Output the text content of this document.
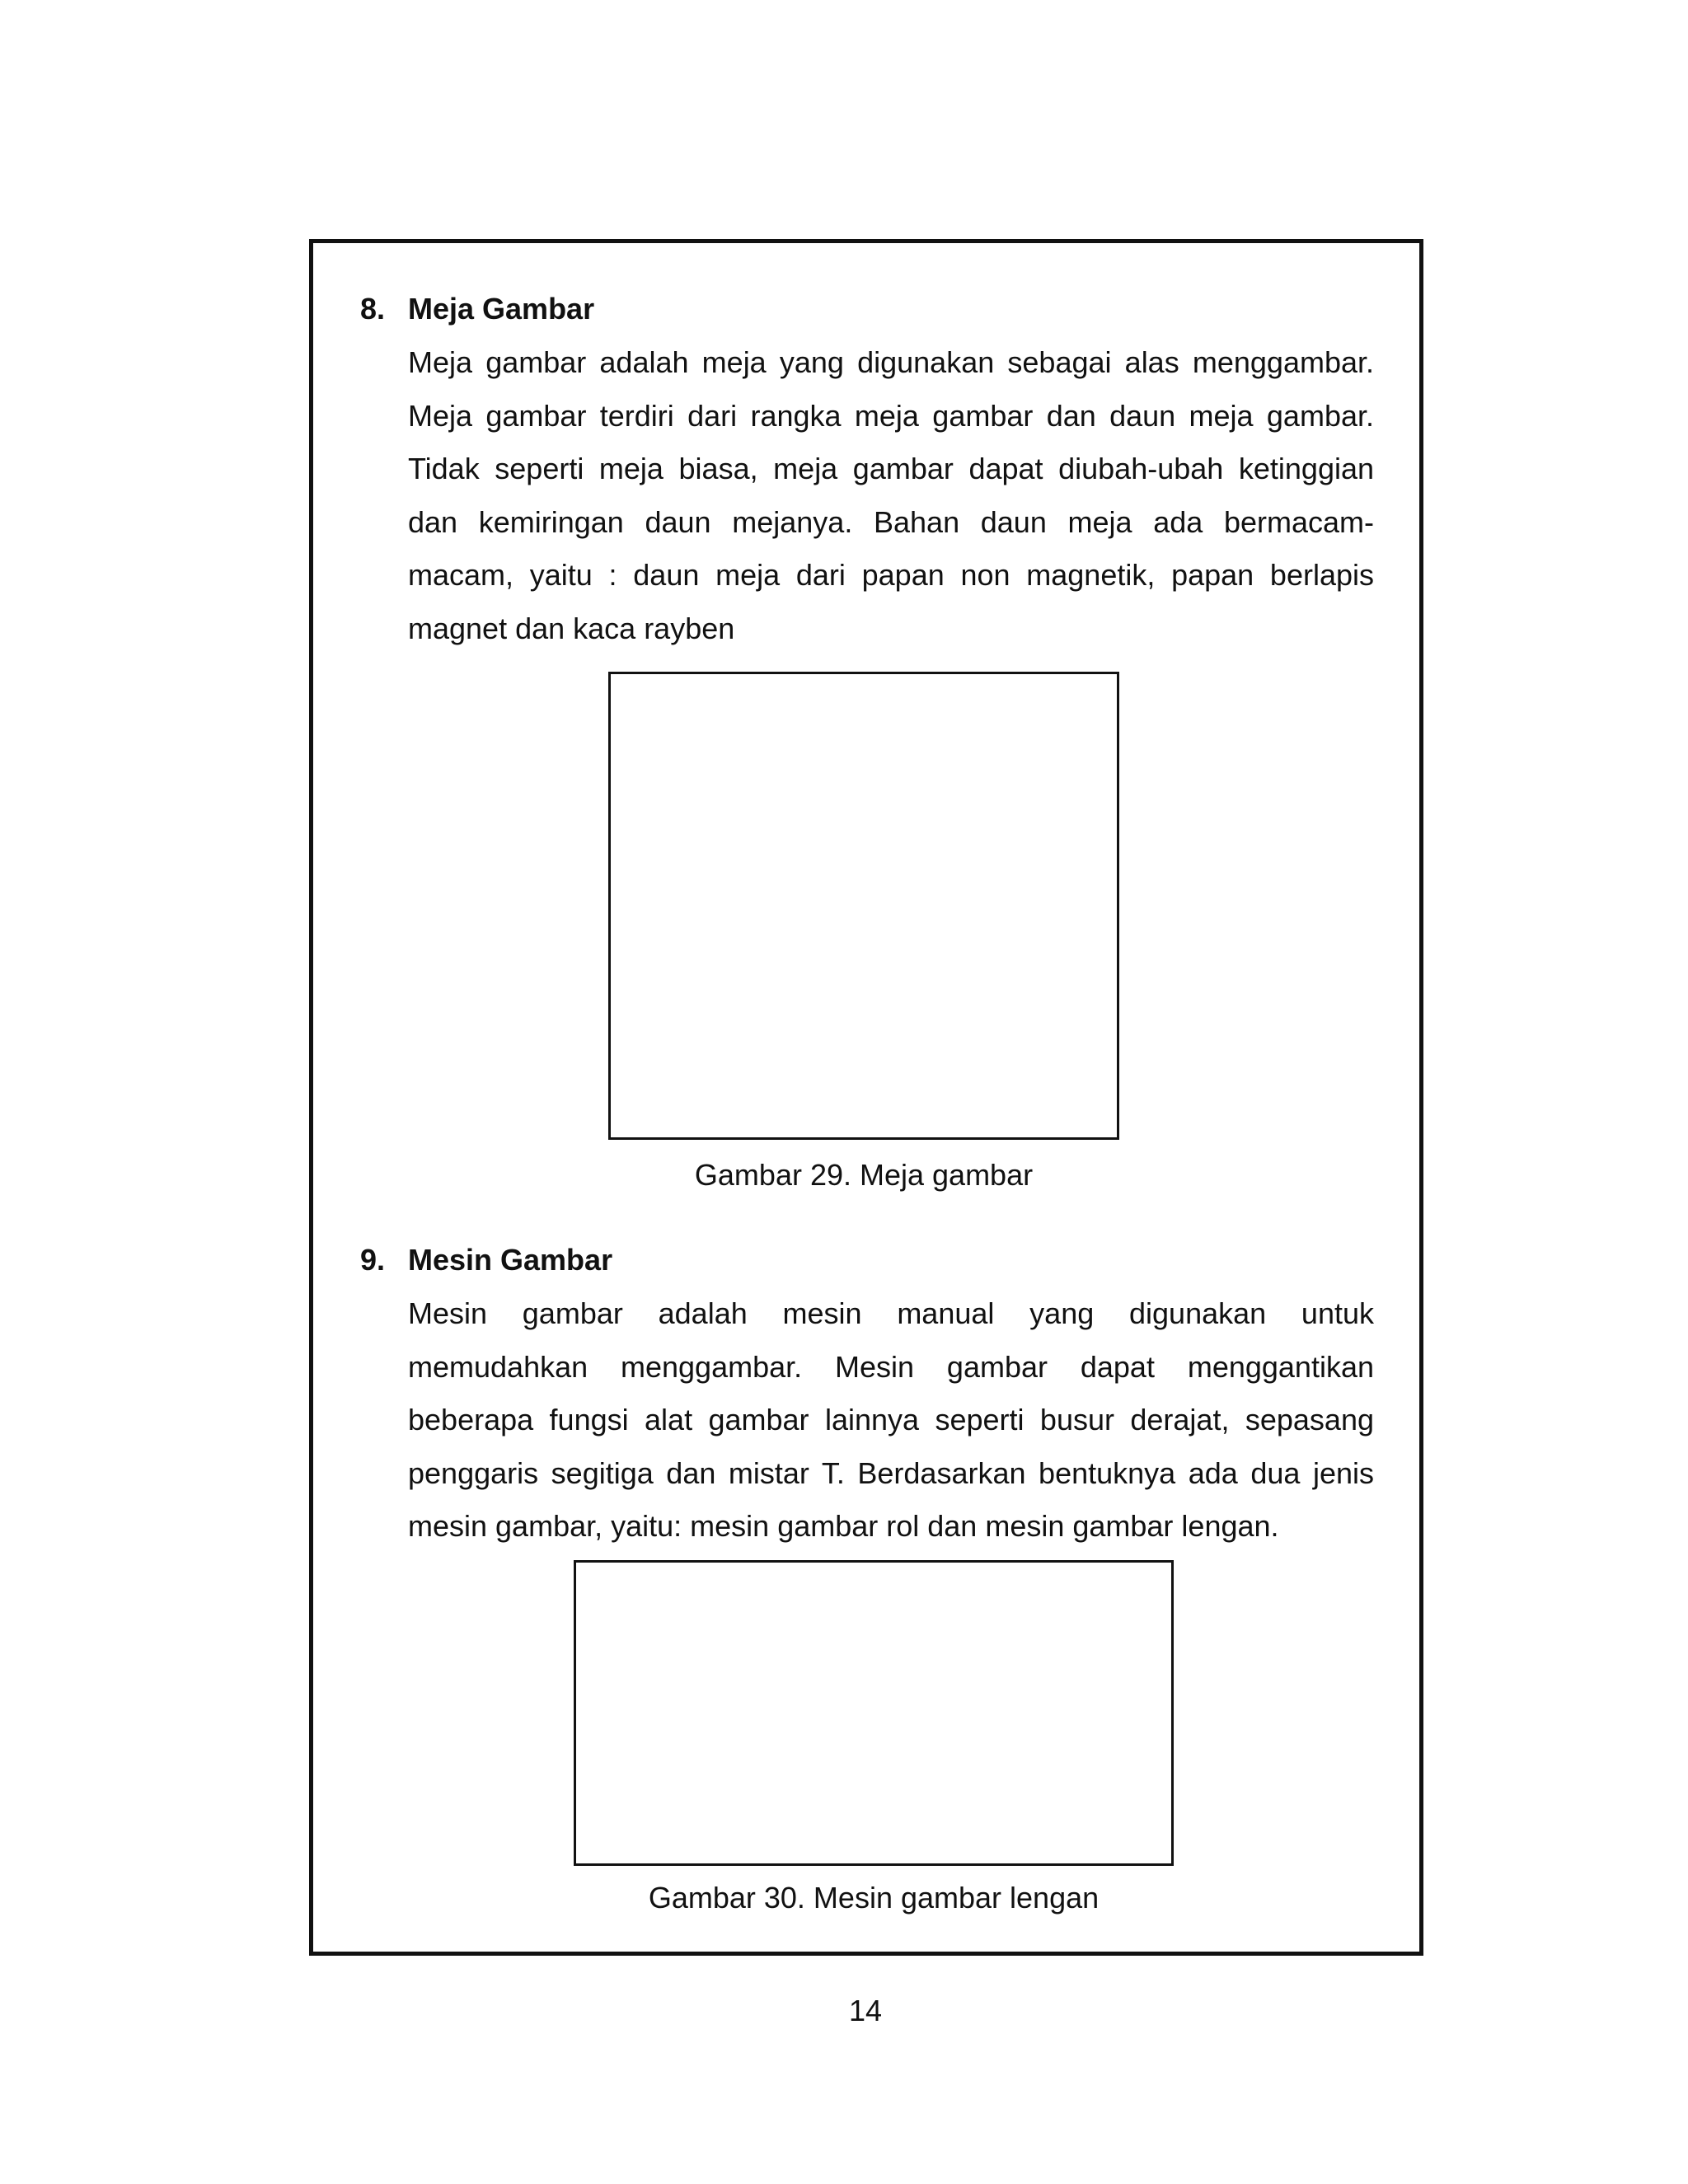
8. Meja Gambar
Meja gambar adalah meja yang digunakan sebagai alas menggambar.
Meja gambar terdiri dari rangka meja gambar dan daun meja gambar.
Tidak seperti meja biasa, meja gambar dapat diubah-ubah ketinggian
dan kemiringan daun mejanya. Bahan daun meja ada bermacam-
macam, yaitu : daun meja dari papan non magnetik, papan berlapis
magnet dan kaca rayben
Gambar 29. Meja gambar
9. Mesin Gambar
Mesin gambar adalah mesin manual yang digunakan untuk
memudahkan menggambar. Mesin gambar dapat menggantikan
beberapa fungsi alat gambar lainnya seperti busur derajat, sepasang
penggaris segitiga dan mistar T. Berdasarkan bentuknya ada dua jenis
mesin gambar, yaitu: mesin gambar rol dan mesin gambar lengan.
Gambar 30. Mesin gambar lengan
14
